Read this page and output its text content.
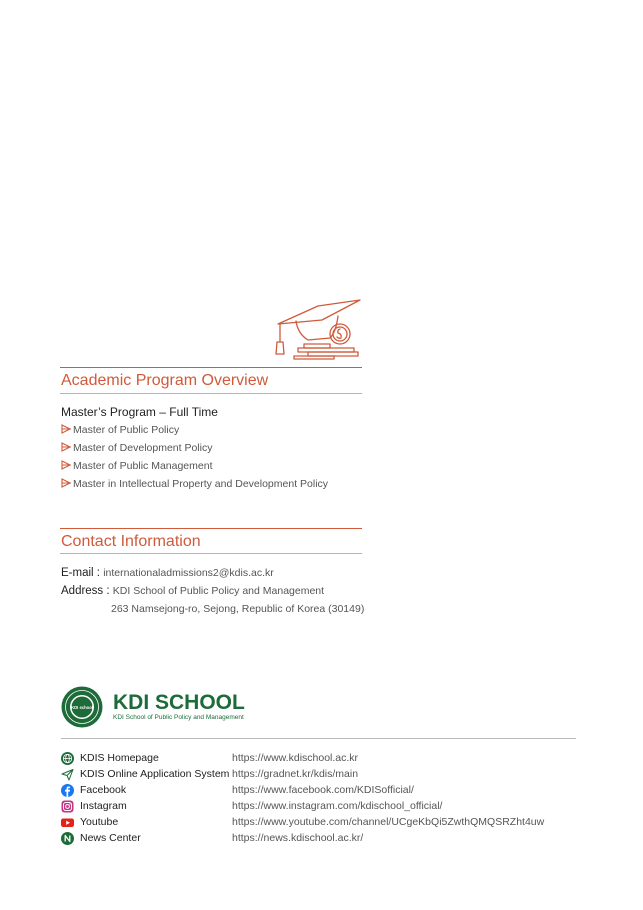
Academic Program Overview
Master’s Program – Full Time
Master of Public Policy
Master of Development Policy
Master of Public Management
Master in Intellectual Property and Development Policy
Contact Information
E-mail : internationaladmissions2@kdis.ac.kr
Address : KDI School of Public Policy and Management
263 Namsejong-ro, Sejong, Republic of Korea (30149)
KDI school KDI SCHOOL
KDI School of Public Policy and Management
KDIS Homepage	https://www.kdischool.ac.kr
KDIS Online Application System https://gradnet.kr/kdis/main
Facebook	https://www.facebook.com/KDISofficial/
Instagram	https://www.instagram.com/kdischool_official/
Youtube	https://www.youtube.com/channel/UCgeKbQi5ZwthQMQSRZht4uw
News Center	https://news.kdischool.ac.kr/
